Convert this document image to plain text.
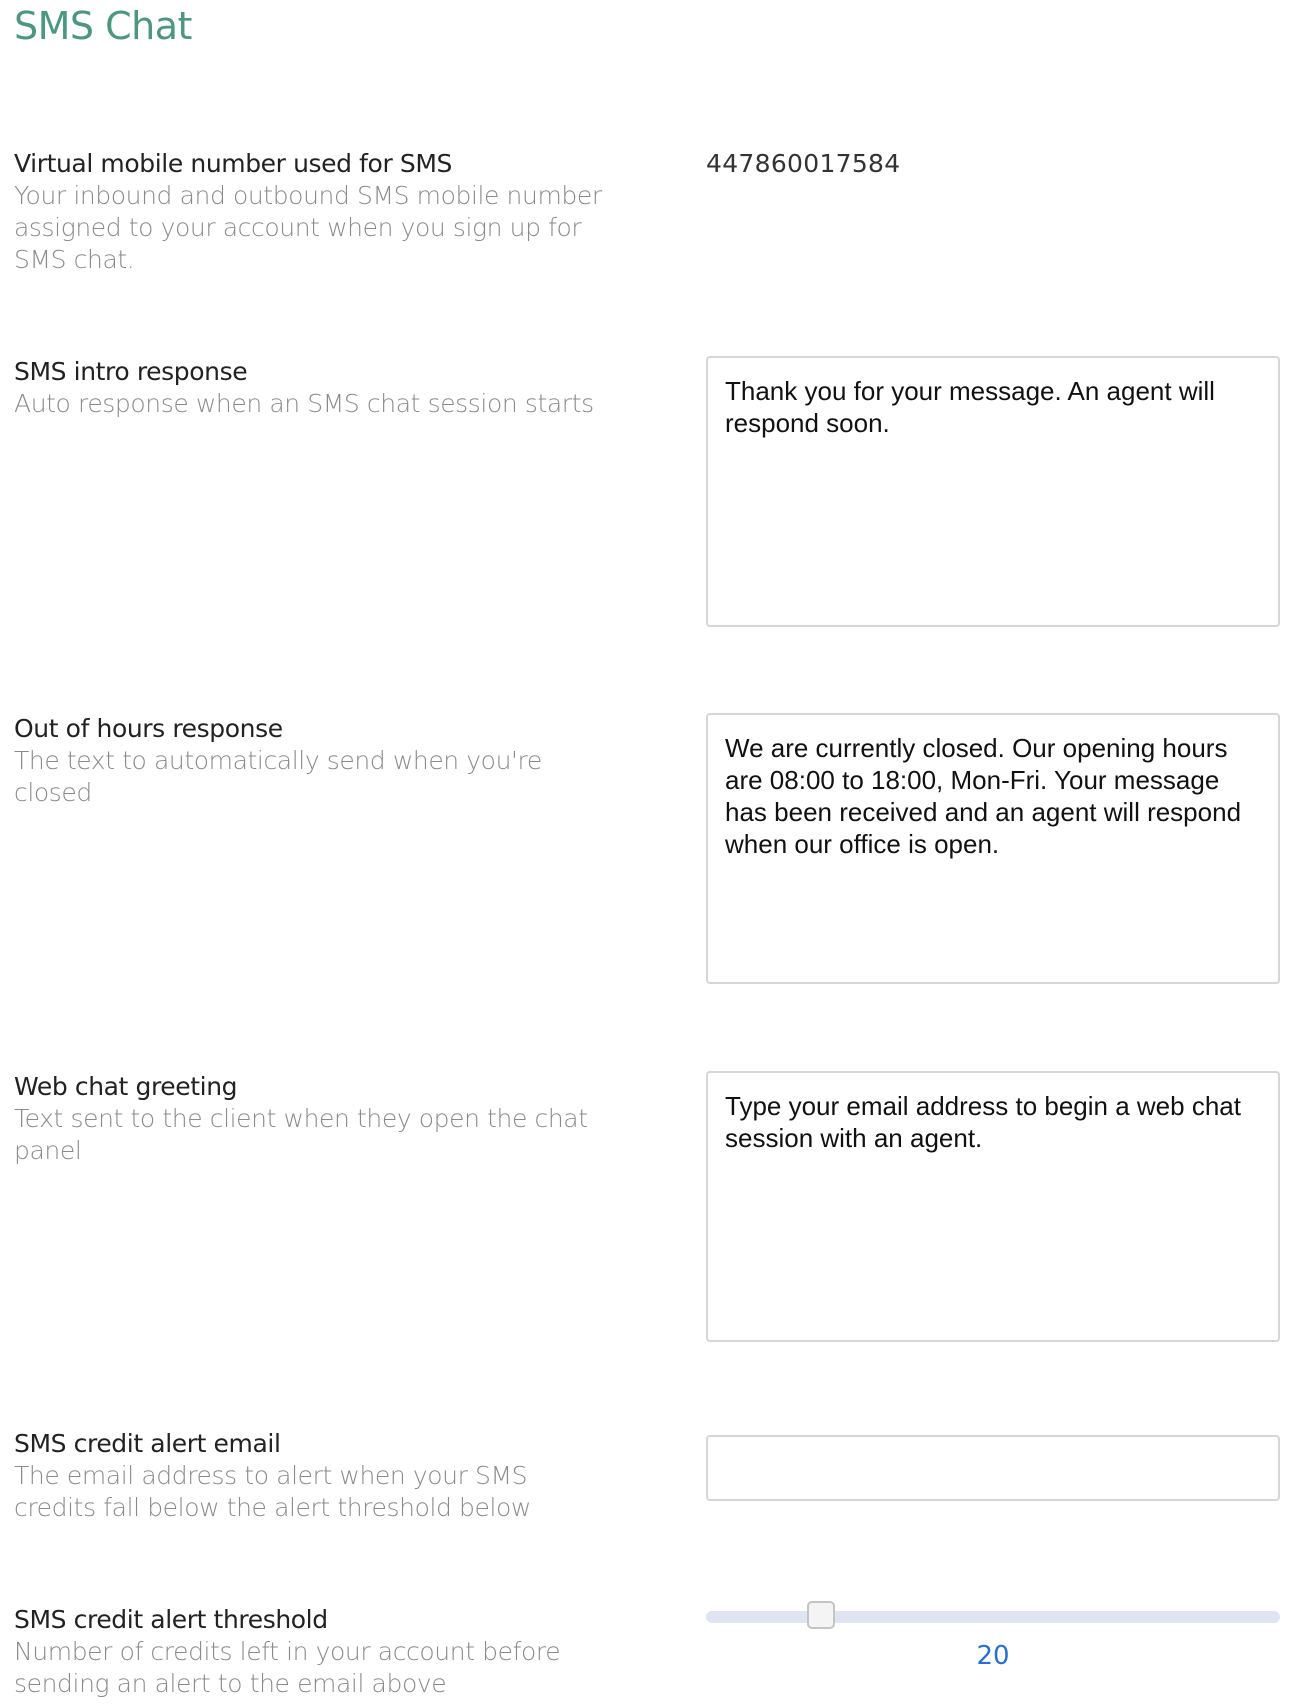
SMS Chat
Virtual mobile number used for SMS
Your inbound and outbound SMS mobile number assigned to your account when you sign up for SMS chat.
447860017584
SMS intro response
Auto response when an SMS chat session starts
Thank you for your message. An agent will respond soon.
Out of hours response
The text to automatically send when you're closed
We are currently closed. Our opening hours are 08:00 to 18:00, Mon-Fri. Your message has been received and an agent will respond when our office is open.
Web chat greeting
Text sent to the client when they open the chat panel
Type your email address to begin a web chat session with an agent.
SMS credit alert email
The email address to alert when your SMS credits fall below the alert threshold below
SMS credit alert threshold
Number of credits left in your account before sending an alert to the email above
20
